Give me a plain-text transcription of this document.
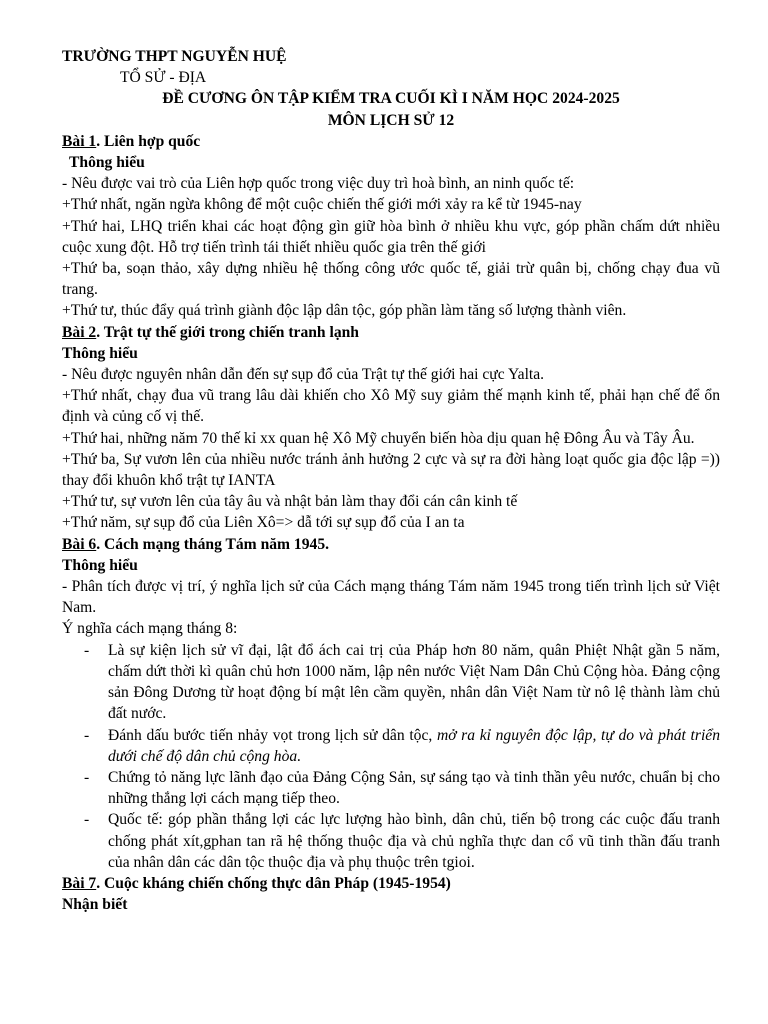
TRƯỜNG THPT NGUYỄN HUỆ
TỔ SỬ - ĐỊA
ĐỀ CƯƠNG ÔN TẬP KIỂM TRA CUỐI KÌ I NĂM HỌC 2024-2025
MÔN LỊCH SỬ 12
Bài 1. Liên hợp quốc
Thông hiểu

- Nêu được vai trò của Liên hợp quốc trong việc duy trì hoà bình, an ninh quốc tế:

+Thứ nhất, ngăn ngừa không để một cuộc chiến thế giới mới xảy ra kể từ 1945-nay

+Thứ hai, LHQ triển khai các hoạt động gìn giữ hòa bình ở nhiều khu vực, góp phần chấm dứt nhiều cuộc xung đột. Hỗ trợ tiến trình tái thiết nhiều quốc gia trên thế giới

+Thứ ba, soạn thảo, xây dựng nhiều hệ thống công ước quốc tế, giải trừ quân bị, chống chạy đua vũ trang.

+Thứ tư, thúc đẩy quá trình giành độc lập dân tộc, góp phần làm tăng số lượng thành viên.

Bài 2. Trật tự thế giới trong chiến tranh lạnh
Thông hiểu

- Nêu được nguyên nhân dẫn đến sự sụp đổ của Trật tự thế giới hai cực Yalta.

+Thứ nhất, chạy đua vũ trang lâu dài khiến cho Xô Mỹ suy giảm thế mạnh kinh tế, phải hạn chế để ổn định và củng cố vị thế.

+Thứ hai, những năm 70 thế kỉ xx quan hệ Xô Mỹ chuyển biến hòa dịu quan hệ Đông Âu và Tây Âu.

+Thứ ba, Sự vươn lên của nhiều nước tránh ảnh hưởng 2 cực và sự ra đời hàng loạt quốc gia độc lập =)) thay đổi khuôn khổ trật tự IANTA

+Thứ tư, sự vươn lên của tây âu và nhật bản làm thay đổi cán cân kinh tế

+Thứ năm, sự sụp đổ của Liên Xô=> dẫ tới sự sụp đổ của I an ta

Bài 6. Cách mạng tháng Tám năm 1945.
Thông hiểu

- Phân tích được vị trí, ý nghĩa lịch sử của Cách mạng tháng Tám năm 1945 trong tiến trình lịch sử Việt Nam.

Ý nghĩa cách mạng tháng 8:

- Là sự kiện lịch sử vĩ đại, lật đổ ách cai trị của Pháp hơn 80 năm, quân Phiệt Nhật gần 5 năm, chấm dứt thời kì quân chủ hơn 1000 năm, lập nên nước Việt Nam Dân Chủ Cộng hòa. Đảng cộng sản Đông Dương từ hoạt động bí mật lên cầm quyền, nhân dân Việt Nam từ nô lệ thành làm chủ đất nước.
- Đánh dấu bước tiến nhảy vọt trong lịch sử dân tộc, mở ra kỉ nguyên độc lập, tự do và phát triển dưới chế độ dân chủ cộng hòa.
- Chứng tỏ năng lực lãnh đạo của Đảng Cộng Sản, sự sáng tạo và tinh thần yêu nước, chuẩn bị cho những thắng lợi cách mạng tiếp theo.
- Quốc tế: góp phần thắng lợi các lực lượng hào bình, dân chủ, tiến bộ trong các cuộc đấu tranh chống phát xít,gphan tan rã hệ thống thuộc địa và chủ nghĩa thực dan cổ vũ tinh thần đấu tranh của nhân dân các dân tộc thuộc địa và phụ thuộc trên tgioi.
Bài 7. Cuộc kháng chiến chống thực dân Pháp (1945-1954)
Nhận biết
